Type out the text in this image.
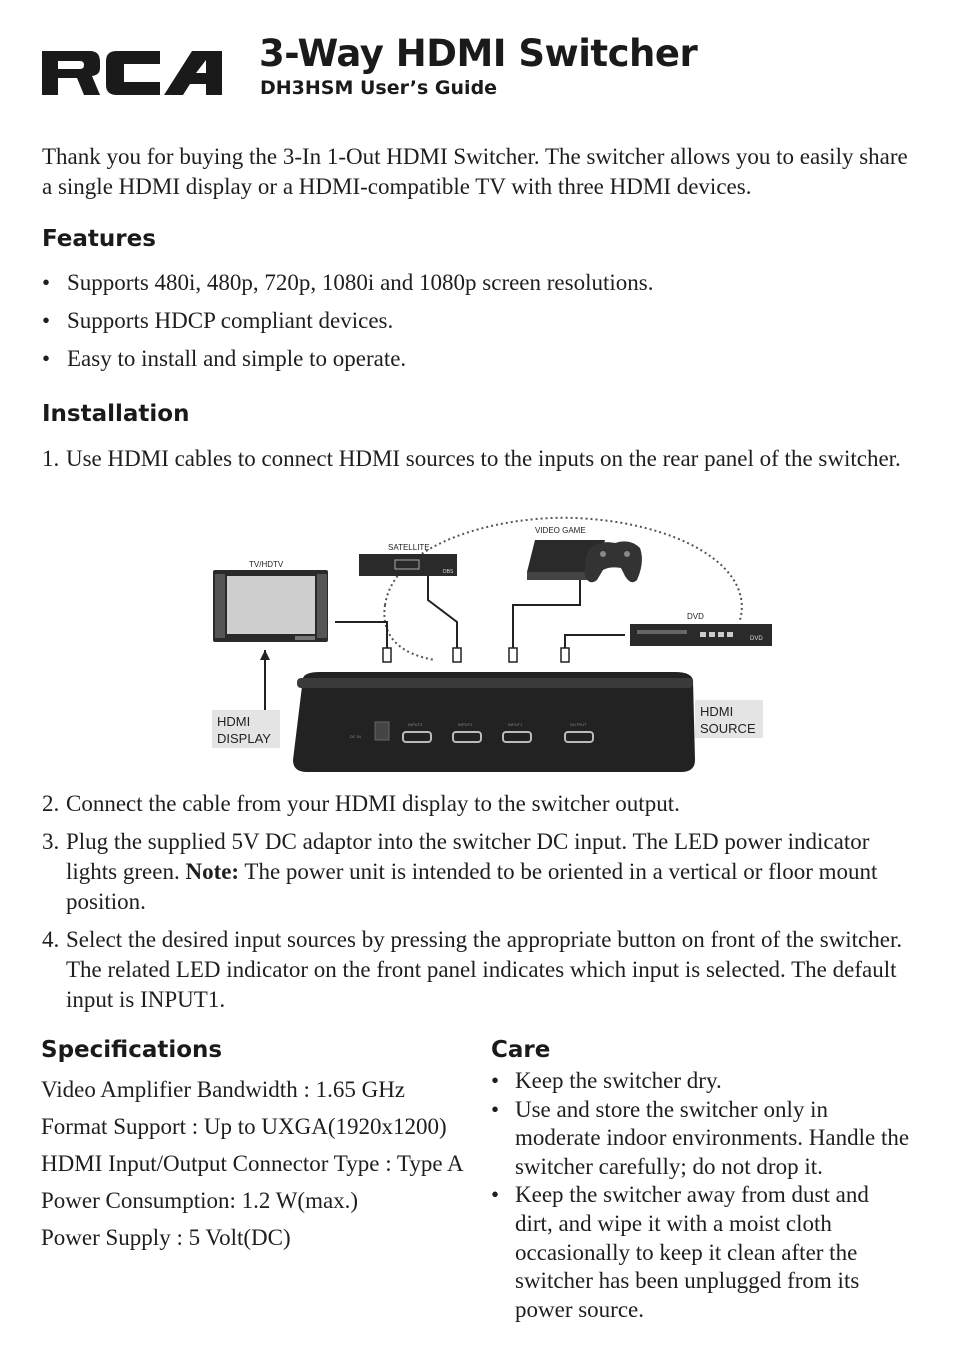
3-Way HDMI Switcher
DH3HSM User’s Guide

Thank you for buying the 3-In 1-Out HDMI Switcher. The switcher allows you to easily share a single HDMI display or a HDMI-compatible TV with three HDMI devices.

Features
• Supports 480i, 480p, 720p, 1080i and 1080p screen resolutions.
• Supports HDCP compliant devices.
• Easy to install and simple to operate.
Installation

1. Use HDMI cables to connect HDMI sources to the inputs on the rear panel of the switcher.

TV/HDTV
SATELLITE
DBS
VIDEO GAME
DVD
DVD
DC IN
INPUT3	INPUT2	INPUT1	OUTPUT
HDMI
DISPLAY
HDMI
SOURCE

2. Connect the cable from your HDMI display to the switcher output.

3. Plug the supplied 5V DC adaptor into the switcher DC input. The LED power indicator lights green. Note: The power unit is intended to be oriented in a vertical or floor mount position.

4. Select the desired input sources by pressing the appropriate button on front of the switcher. The related LED indicator on the front panel indicates which input is selected. The default input is INPUT1.

Specifications
Video Amplifier Bandwidth : 1.65 GHz
Format Support : Up to UXGA(1920x1200)
HDMI Input/Output Connector Type : Type A
Power Consumption: 1.2 W(max.)
Power Supply : 5 Volt(DC)
Care
• Keep the switcher dry.
• Use and store the switcher only in moderate indoor environments. Handle the switcher carefully; do not drop it.
• Keep the switcher away from dust and dirt, and wipe it with a moist cloth occasionally to keep it clean after the switcher has been unplugged from its power source.
